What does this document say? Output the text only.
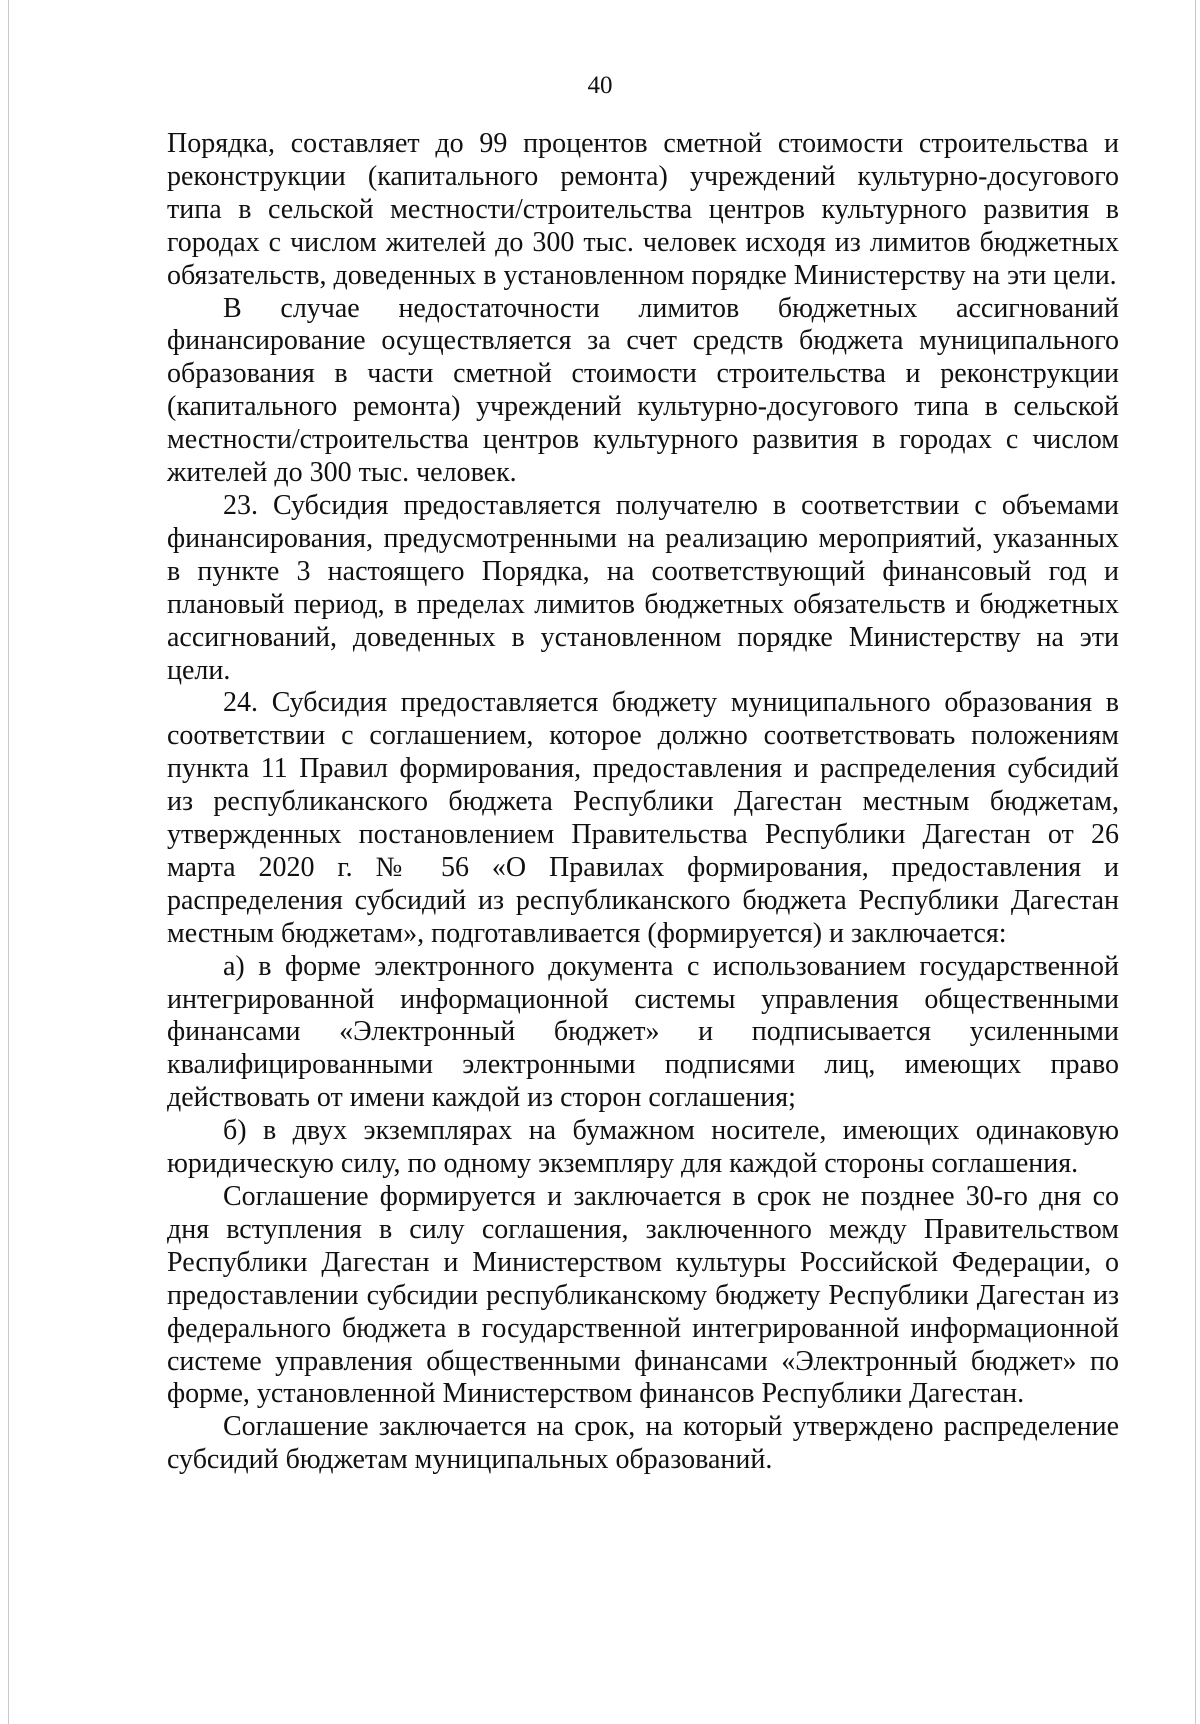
40

Порядка, составляет до 99 процентов сметной стоимости строительства и реконструкции (капитального ремонта) учреждений культурно-досугового типа в сельской местности/строительства центров культурного развития в городах с числом жителей до 300 тыс. человек исходя из лимитов бюджетных обязательств, доведенных в установленном порядке Министерству на эти цели.

В случае недостаточности лимитов бюджетных ассигнований финансирование осуществляется за счет средств бюджета муниципального образования в части сметной стоимости строительства и реконструкции (капитального ремонта) учреждений культурно-досугового типа в сельской местности/строительства центров культурного развития в городах с числом жителей до 300 тыс. человек.

23. Субсидия предоставляется получателю в соответствии с объемами финансирования, предусмотренными на реализацию мероприятий, указанных в пункте 3 настоящего Порядка, на соответствующий финансовый год и плановый период, в пределах лимитов бюджетных обязательств и бюджетных ассигнований, доведенных в установленном порядке Министерству на эти цели.

24. Субсидия предоставляется бюджету муниципального образования в соответствии с соглашением, которое должно соответствовать положениям пункта 11 Правил формирования, предоставления и распределения субсидий из республиканского бюджета Республики Дагестан местным бюджетам, утвержденных постановлением Правительства Республики Дагестан от 26 марта 2020 г. № 56 «О Правилах формирования, предоставления и распределения субсидий из республиканского бюджета Республики Дагестан местным бюджетам», подготавливается (формируется) и заключается:

а) в форме электронного документа с использованием государственной интегрированной информационной системы управления общественными финансами «Электронный бюджет» и подписывается усиленными квалифицированными электронными подписями лиц, имеющих право действовать от имени каждой из сторон соглашения;

б) в двух экземплярах на бумажном носителе, имеющих одинаковую юридическую силу, по одному экземпляру для каждой стороны соглашения.

Соглашение формируется и заключается в срок не позднее 30-го дня со дня вступления в силу соглашения, заключенного между Правительством Республики Дагестан и Министерством культуры Российской Федерации, о предоставлении субсидии республиканскому бюджету Республики Дагестан из федерального бюджета в государственной интегрированной информационной системе управления общественными финансами «Электронный бюджет» по форме, установленной Министерством финансов Республики Дагестан.

Соглашение заключается на срок, на который утверждено распределение субсидий бюджетам муниципальных образований.
